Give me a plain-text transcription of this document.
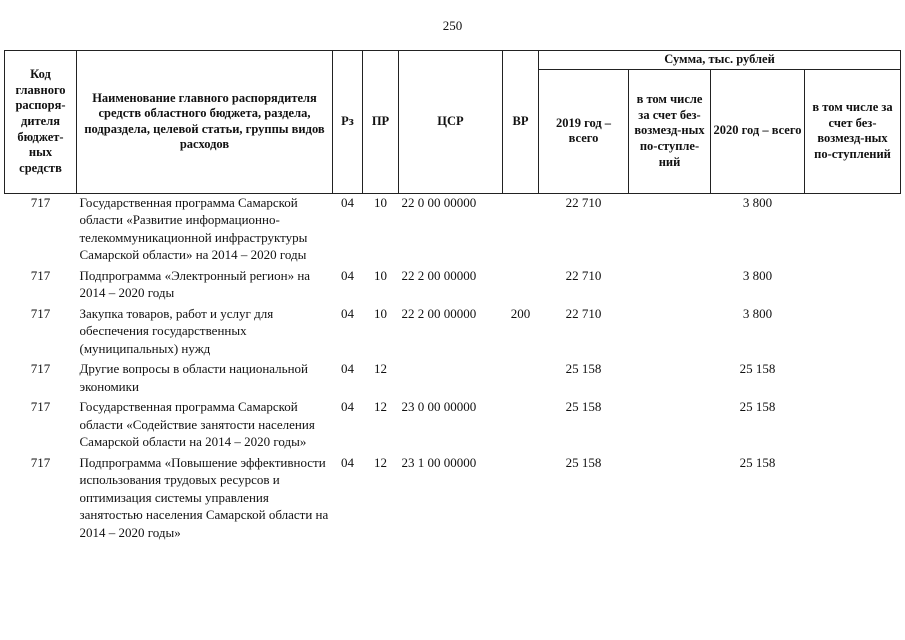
250
Код главного распоря-дителя бюджет-ных средств	Наименование главного распорядителя средств областного бюджета, раздела, подраздела, целевой статьи, группы видов расходов	Рз	ПР	ЦСР	ВР	Сумма, тыс. рублей			
						2019 год – всего	в том числе за счет без-возмезд-ных по-ступле-ний	2020 год – всего	в том числе за счет без-возмезд-ных по-ступлений
717	Государственная программа Самарской области «Развитие информационно-телекоммуникационной инфраструктуры Самарской области» на 2014 – 2020 годы	04	10	22 0 00 00000		22 710		3 800	
717	Подпрограмма «Электронный регион» на 2014 – 2020 годы	04	10	22 2 00 00000		22 710		3 800	
717	Закупка товаров, работ и услуг для обеспечения государственных (муниципальных) нужд	04	10	22 2 00 00000	200	22 710		3 800	
717	Другие вопросы в области национальной экономики	04	12			25 158		25 158	
717	Государственная программа Самарской области «Содействие занятости населения Самарской области на 2014 – 2020 годы»	04	12	23 0 00 00000		25 158		25 158	
717	Подпрограмма «Повышение эффективности использования трудовых ресурсов и оптимизация системы управления занятостью населения Самарской области на 2014 – 2020 годы»	04	12	23 1 00 00000		25 158		25 158	
